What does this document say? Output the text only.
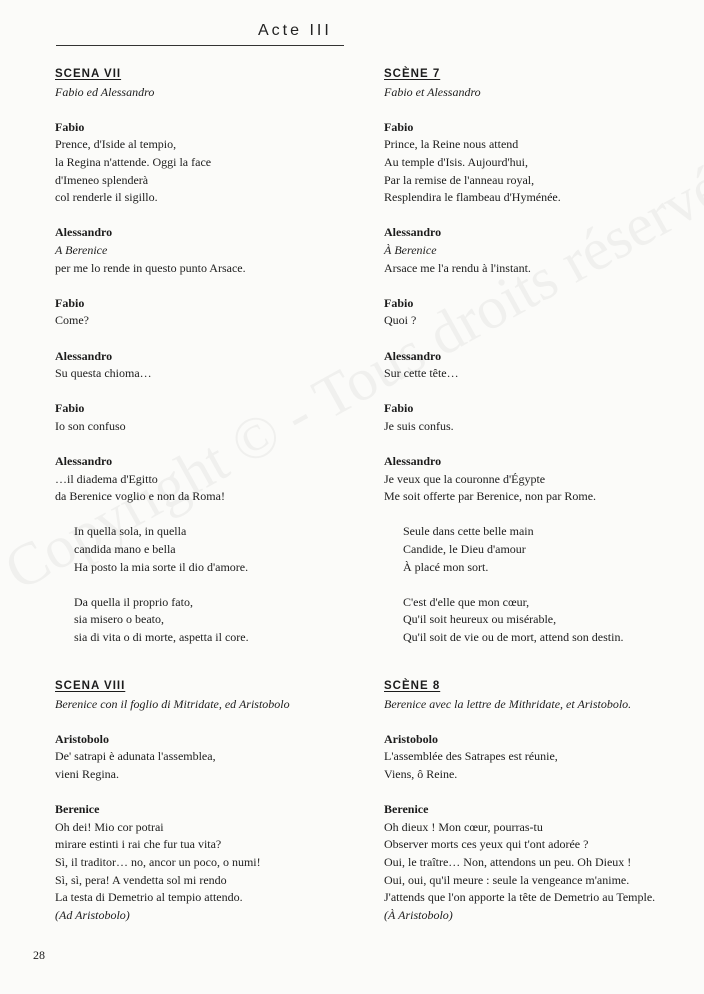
Acte III
SCENA VII
Fabio ed Alessandro
Fabio
Prence, d'Iside al tempio,
la Regina n'attende. Oggi la face
d'Imeneo splenderà
col renderle il sigillo.
Alessandro
A Berenice
per me lo rende in questo punto Arsace.
Fabio
Come?
Alessandro
Su questa chioma…
Fabio
Io son confuso
Alessandro
…il diadema d'Egitto
da Berenice voglio e non da Roma!
In quella sola, in quella
candida mano e bella
Ha posto la mia sorte il dio d'amore.
Da quella il proprio fato,
sia misero o beato,
sia di vita o di morte, aspetta il core.
SCENA VIII
Berenice con il foglio di Mitridate, ed Aristobolo
Aristobolo
De' satrapi è adunata l'assemblea,
vieni Regina.
Berenice
Oh dei! Mio cor potrai
mirare estinti i rai che fur tua vita?
Sì, il traditor… no, ancor un poco, o numi!
Sì, sì, pera! A vendetta sol mi rendo
La testa di Demetrio al tempio attendo.
(Ad Aristobolo)
SCÈNE 7
Fabio et Alessandro
Fabio
Prince, la Reine nous attend
Au temple d'Isis. Aujourd'hui,
Par la remise de l'anneau royal,
Resplendira le flambeau d'Hyménée.
Alessandro
À Berenice
Arsace me l'a rendu à l'instant.
Fabio
Quoi ?
Alessandro
Sur cette tête…
Fabio
Je suis confus.
Alessandro
Je veux que la couronne d'Égypte
Me soit offerte par Berenice, non par Rome.
Seule dans cette belle main
Candide, le Dieu d'amour
À placé mon sort.
C'est d'elle que mon cœur,
Qu'il soit heureux ou misérable,
Qu'il soit de vie ou de mort, attend son destin.
SCÈNE 8
Berenice avec la lettre de Mithridate, et Aristobolo.
Aristobolo
L'assemblée des Satrapes est réunie,
Viens, ô Reine.
Berenice
Oh dieux ! Mon cœur, pourras-tu
Observer morts ces yeux qui t'ont adorée ?
Oui, le traître… Non, attendons un peu. Oh Dieux !
Oui, oui, qu'il meure : seule la vengeance m'anime.
J'attends que l'on apporte la tête de Demetrio au Temple.
(À Aristobolo)
28
